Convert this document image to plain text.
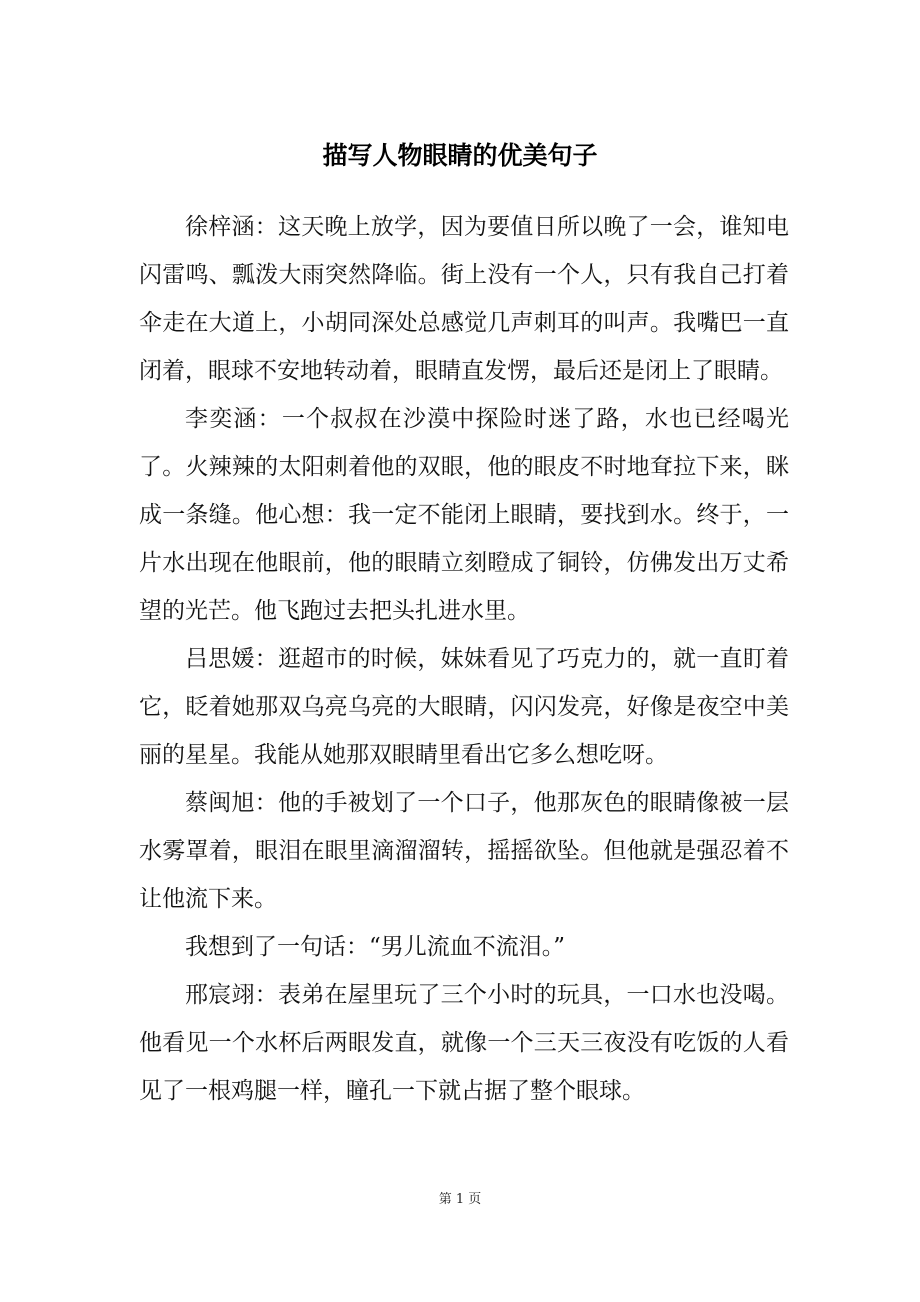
描写人物眼睛的优美句子

徐梓涵：这天晚上放学，因为要值日所以晚了一会，谁知电闪雷鸣、瓢泼大雨突然降临。街上没有一个人，只有我自己打着伞走在大道上，小胡同深处总感觉几声刺耳的叫声。我嘴巴一直闭着，眼球不安地转动着，眼睛直发愣，最后还是闭上了眼睛。

李奕涵：一个叔叔在沙漠中探险时迷了路，水也已经喝光了。火辣辣的太阳刺着他的双眼，他的眼皮不时地耷拉下来，眯成一条缝。他心想：我一定不能闭上眼睛，要找到水。终于，一片水出现在他眼前，他的眼睛立刻瞪成了铜铃，仿佛发出万丈希望的光芒。他飞跑过去把头扎进水里。

吕思媛：逛超市的时候，妹妹看见了巧克力的，就一直盯着它，眨着她那双乌亮乌亮的大眼睛，闪闪发亮，好像是夜空中美丽的星星。我能从她那双眼睛里看出它多么想吃呀。

蔡闽旭：他的手被划了一个口子，他那灰色的眼睛像被一层水雾罩着，眼泪在眼里滴溜溜转，摇摇欲坠。但他就是强忍着不让他流下来。

我想到了一句话：“男儿流血不流泪。”

邢宸翊：表弟在屋里玩了三个小时的玩具，一口水也没喝。他看见一个水杯后两眼发直，就像一个三天三夜没有吃饭的人看见了一根鸡腿一样，瞳孔一下就占据了整个眼球。

第 1 页
